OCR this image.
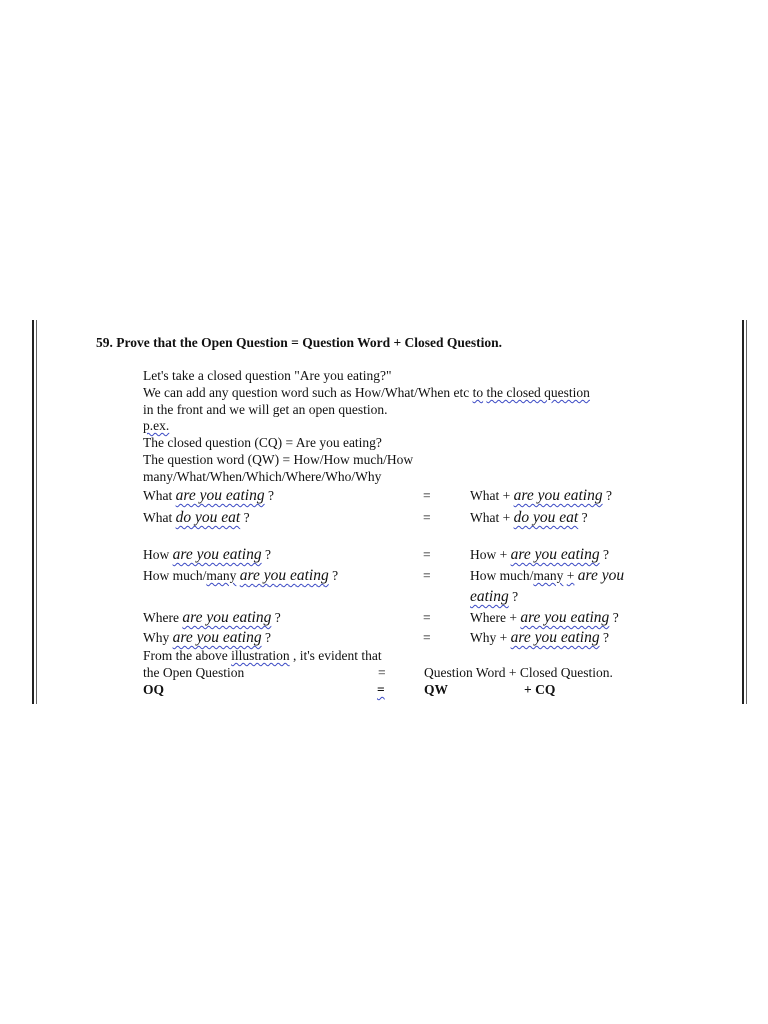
59. Prove that the Open Question = Question Word + Closed Question.
Let's take a closed question "Are you eating?"
We can add any question word such as How/What/When etc to the closed question
in the front and we will get an open question.
p.ex.
The closed question (CQ) = Are you eating?
The question word (QW) = How/How much/How
many/What/When/Which/Where/Who/Why
What are you eating ?	=	What + are you eating ?
What do you eat ?	=	What + do you eat ?
How are you eating ?	=	How + are you eating ?
How much/many are you eating ?	=	How much/many + are you
eating ?
Where are you eating ?	=	Where + are you eating ?
Why are you eating ?	=	Why + are you eating ?
From the above illustration , it's evident that
the Open Question	=	Question Word + Closed Question.
OQ	=	QW	+ CQ
